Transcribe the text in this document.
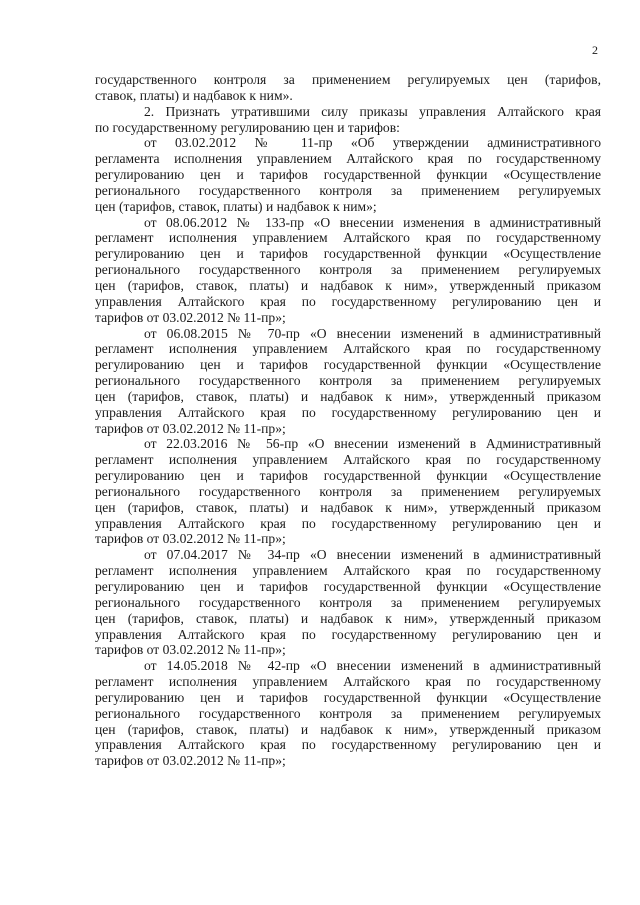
2

государственного контроля за применением регулируемых цен (тарифов,

ставок, платы) и надбавок к ним».

2. Признать утратившими силу приказы управления Алтайского края

по государственному регулированию цен и тарифов:

от 03.02.2012 № 11-пр «Об утверждении административного

регламента исполнения управлением Алтайского края по государственному

регулированию цен и тарифов государственной функции «Осуществление

регионального государственного контроля за применением регулируемых

цен (тарифов, ставок, платы) и надбавок к ним»;

от 08.06.2012 № 133-пр «О внесении изменения в административный

регламент исполнения управлением Алтайского края по государственному

регулированию цен и тарифов государственной функции «Осуществление

регионального государственного контроля за применением регулируемых

цен (тарифов, ставок, платы) и надбавок к ним», утвержденный приказом

управления Алтайского края по государственному регулированию цен и

тарифов от 03.02.2012 № 11-пр»;

от 06.08.2015 № 70-пр «О внесении изменений в административный

регламент исполнения управлением Алтайского края по государственному

регулированию цен и тарифов государственной функции «Осуществление

регионального государственного контроля за применением регулируемых

цен (тарифов, ставок, платы) и надбавок к ним», утвержденный приказом

управления Алтайского края по государственному регулированию цен и

тарифов от 03.02.2012 № 11-пр»;

от 22.03.2016 № 56-пр «О внесении изменений в Административный

регламент исполнения управлением Алтайского края по государственному

регулированию цен и тарифов государственной функции «Осуществление

регионального государственного контроля за применением регулируемых

цен (тарифов, ставок, платы) и надбавок к ним», утвержденный приказом

управления Алтайского края по государственному регулированию цен и

тарифов от 03.02.2012 № 11-пр»;

от 07.04.2017 № 34-пр «О внесении изменений в административный

регламент исполнения управлением Алтайского края по государственному

регулированию цен и тарифов государственной функции «Осуществление

регионального государственного контроля за применением регулируемых

цен (тарифов, ставок, платы) и надбавок к ним», утвержденный приказом

управления Алтайского края по государственному регулированию цен и

тарифов от 03.02.2012 № 11-пр»;

от 14.05.2018 № 42-пр «О внесении изменений в административный

регламент исполнения управлением Алтайского края по государственному

регулированию цен и тарифов государственной функции «Осуществление

регионального государственного контроля за применением регулируемых

цен (тарифов, ставок, платы) и надбавок к ним», утвержденный приказом

управления Алтайского края по государственному регулированию цен и

тарифов от 03.02.2012 № 11-пр»;
